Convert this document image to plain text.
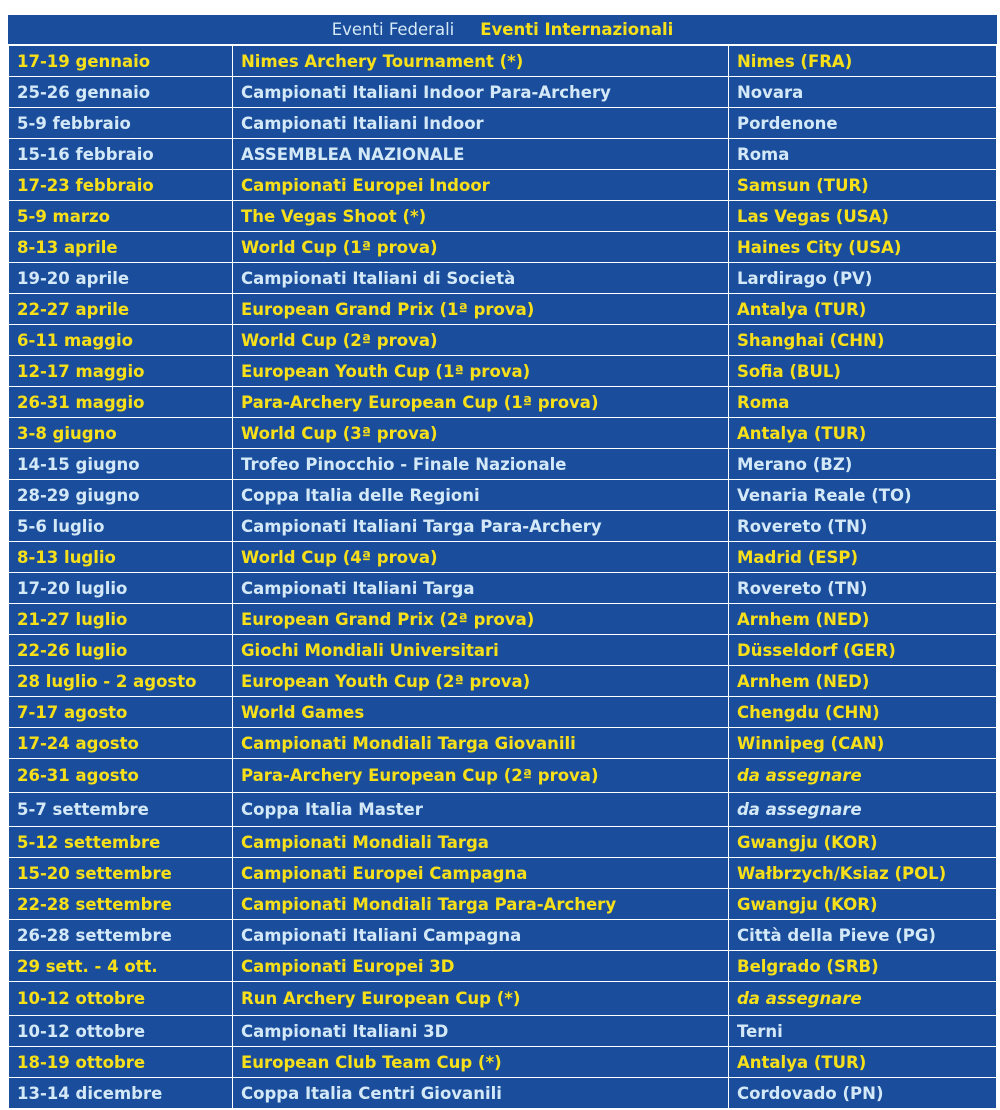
Eventi Federali Eventi Internazionali
17-19 gennaio	Nimes Archery Tournament (*)	Nimes (FRA)
25-26 gennaio	Campionati Italiani Indoor Para-Archery	Novara
5-9 febbraio	Campionati Italiani Indoor	Pordenone
15-16 febbraio	ASSEMBLEA NAZIONALE	Roma
17-23 febbraio	Campionati Europei Indoor	Samsun (TUR)
5-9 marzo	The Vegas Shoot (*)	Las Vegas (USA)
8-13 aprile	World Cup (1ª prova)	Haines City (USA)
19-20 aprile	Campionati Italiani di Società	Lardirago (PV)
22-27 aprile	European Grand Prix (1ª prova)	Antalya (TUR)
6-11 maggio	World Cup (2ª prova)	Shanghai (CHN)
12-17 maggio	European Youth Cup (1ª prova)	Sofia (BUL)
26-31 maggio	Para-Archery European Cup (1ª prova)	Roma
3-8 giugno	World Cup (3ª prova)	Antalya (TUR)
14-15 giugno	Trofeo Pinocchio - Finale Nazionale	Merano (BZ)
28-29 giugno	Coppa Italia delle Regioni	Venaria Reale (TO)
5-6 luglio	Campionati Italiani Targa Para-Archery	Rovereto (TN)
8-13 luglio	World Cup (4ª prova)	Madrid (ESP)
17-20 luglio	Campionati Italiani Targa	Rovereto (TN)
21-27 luglio	European Grand Prix (2ª prova)	Arnhem (NED)
22-26 luglio	Giochi Mondiali Universitari	Düsseldorf (GER)
28 luglio - 2 agosto	European Youth Cup (2ª prova)	Arnhem (NED)
7-17 agosto	World Games	Chengdu (CHN)
17-24 agosto	Campionati Mondiali Targa Giovanili	Winnipeg (CAN)
26-31 agosto	Para-Archery European Cup (2ª prova)	da assegnare
5-7 settembre	Coppa Italia Master	da assegnare
5-12 settembre	Campionati Mondiali Targa	Gwangju (KOR)
15-20 settembre	Campionati Europei Campagna	Wałbrzych/Ksiaz (POL)
22-28 settembre	Campionati Mondiali Targa Para-Archery	Gwangju (KOR)
26-28 settembre	Campionati Italiani Campagna	Città della Pieve (PG)
29 sett. - 4 ott.	Campionati Europei 3D	Belgrado (SRB)
10-12 ottobre	Run Archery European Cup (*)	da assegnare
10-12 ottobre	Campionati Italiani 3D	Terni
18-19 ottobre	European Club Team Cup (*)	Antalya (TUR)
13-14 dicembre	Coppa Italia Centri Giovanili	Cordovado (PN)
